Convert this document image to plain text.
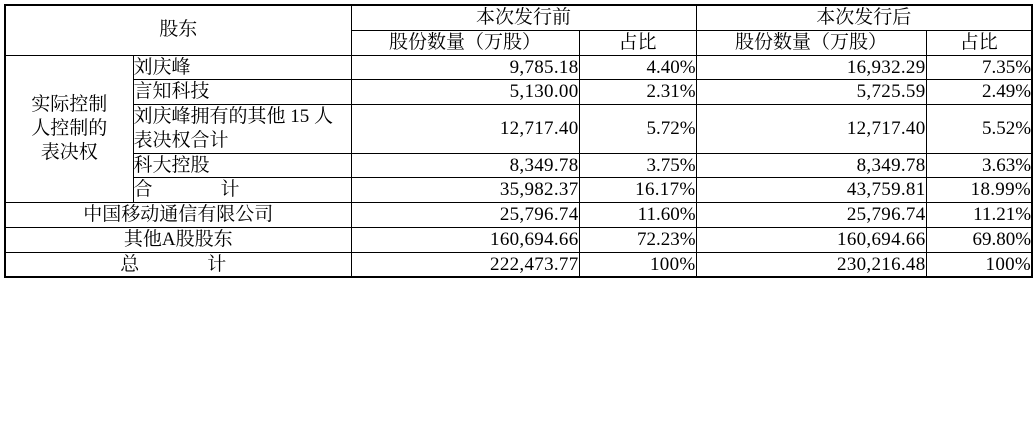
股东		本次发行前		本次发行后	
		股份数量（万股）	占比	股份数量（万股）	占比

实际控制
人控制的
表决权	刘庆峰	9,785.18	4.40%	16,932.29	7.35%
	言知科技	5,130.00	2.31%	5,725.59	2.49%
	刘庆峰拥有的其他 15 人表决权合计	12,717.40	5.72%	12,717.40	5.52%
	科大控股	8,349.78	3.75%	8,349.78	3.63%
	合　　计	35,982.37	16.17%	43,759.81	18.99%
中国移动通信有限公司		25,796.74	11.60%	25,796.74	11.21%
其他A股股东		160,694.66	72.23%	160,694.66	69.80%
总　　计		222,473.77	100%	230,216.48	100%
